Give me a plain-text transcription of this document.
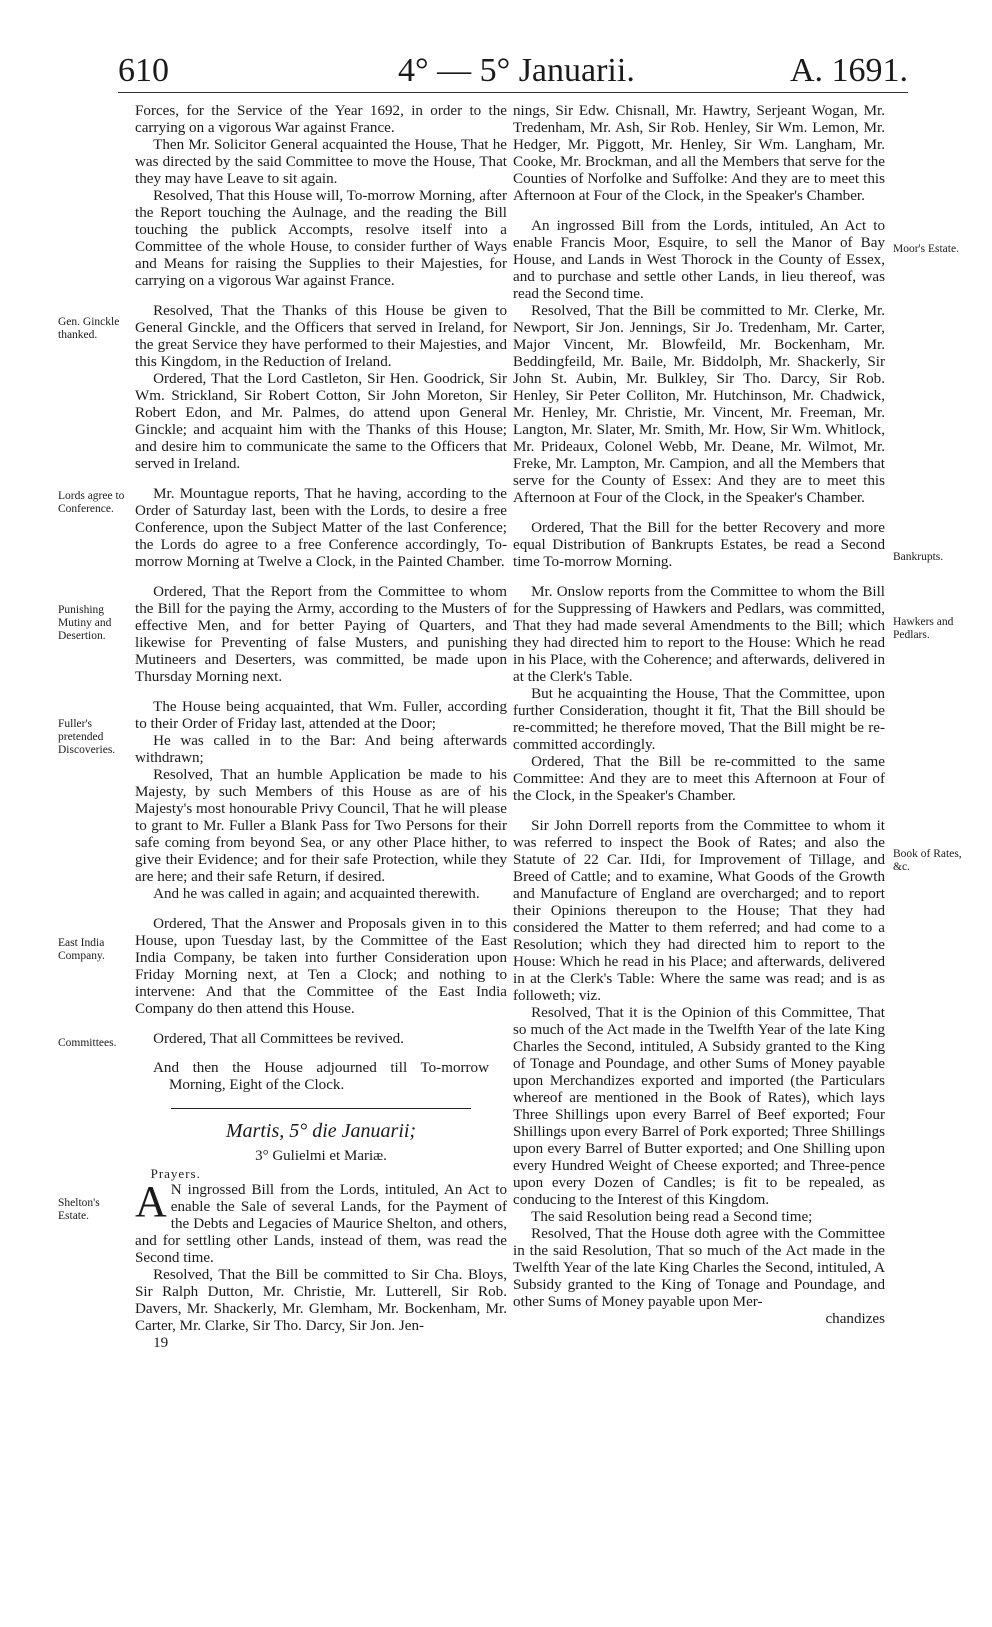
610	4° — 5° Januarii.	A. 1691.
Gen. Ginckle thanked.
Lords agree to Conference.
Punishing Mutiny and Desertion.
Fuller's pretended Discoveries.
East India Company.
Committees.
Shelton's Estate.
Moor's Estate.
Bankrupts.
Hawkers and Pedlars.
Book of Rates, &c.

Forces, for the Service of the Year 1692, in order to the carrying on a vigorous War against France.

Then Mr. Solicitor General acquainted the House, That he was directed by the said Committee to move the House, That they may have Leave to sit again.

Resolved, That this House will, To-morrow Morning, after the Report touching the Aulnage, and the reading the Bill touching the publick Accompts, resolve itself into a Committee of the whole House, to consider further of Ways and Means for raising the Supplies to their Majesties, for carrying on a vigorous War against France.

Resolved, That the Thanks of this House be given to General Ginckle, and the Officers that served in Ireland, for the great Service they have performed to their Majesties, and this Kingdom, in the Reduction of Ireland.

Ordered, That the Lord Castleton, Sir Hen. Goodrick, Sir Wm. Strickland, Sir Robert Cotton, Sir John Moreton, Sir Robert Edon, and Mr. Palmes, do attend upon General Ginckle; and acquaint him with the Thanks of this House; and desire him to communicate the same to the Officers that served in Ireland.

Mr. Mountague reports, That he having, according to the Order of Saturday last, been with the Lords, to desire a free Conference, upon the Subject Matter of the last Conference; the Lords do agree to a free Conference accordingly, To-morrow Morning at Twelve a Clock, in the Painted Chamber.

Ordered, That the Report from the Committee to whom the Bill for the paying the Army, according to the Musters of effective Men, and for better Paying of Quarters, and likewise for Preventing of false Musters, and punishing Mutineers and Deserters, was committed, be made upon Thursday Morning next.

The House being acquainted, that Wm. Fuller, according to their Order of Friday last, attended at the Door;

He was called in to the Bar: And being afterwards withdrawn;

Resolved, That an humble Application be made to his Majesty, by such Members of this House as are of his Majesty's most honourable Privy Council, That he will please to grant to Mr. Fuller a Blank Pass for Two Persons for their safe coming from beyond Sea, or any other Place hither, to give their Evidence; and for their safe Protection, while they are here; and their safe Return, if desired.

And he was called in again; and acquainted therewith.

Ordered, That the Answer and Proposals given in to this House, upon Tuesday last, by the Committee of the East India Company, be taken into further Consideration upon Friday Morning next, at Ten a Clock; and nothing to intervene: And that the Committee of the East India Company do then attend this House.

Ordered, That all Committees be revived.

And then the House adjourned till To-morrow Morning, Eight of the Clock.

Martis, 5° die Januarii;
3° Gulielmi et Mariæ.

Prayers.

A N ingrossed Bill from the Lords, intituled, An Act to enable the Sale of several Lands, for the Payment of the Debts and Legacies of Maurice Shelton, and others, and for settling other Lands, instead of them, was read the Second time.

Resolved, That the Bill be committed to Sir Cha. Bloys, Sir Ralph Dutton, Mr. Christie, Mr. Lutterell, Sir Rob. Davers, Mr. Shackerly, Mr. Glemham, Mr. Bockenham, Mr. Carter, Mr. Clarke, Sir Tho. Darcy, Sir Jon. Jen-

19

nings, Sir Edw. Chisnall, Mr. Hawtry, Serjeant Wogan, Mr. Tredenham, Mr. Ash, Sir Rob. Henley, Sir Wm. Lemon, Mr. Hedger, Mr. Piggott, Mr. Henley, Sir Wm. Langham, Mr. Cooke, Mr. Brockman, and all the Members that serve for the Counties of Norfolke and Suffolke: And they are to meet this Afternoon at Four of the Clock, in the Speaker's Chamber.

An ingrossed Bill from the Lords, intituled, An Act to enable Francis Moor, Esquire, to sell the Manor of Bay House, and Lands in West Thorock in the County of Essex, and to purchase and settle other Lands, in lieu thereof, was read the Second time.

Resolved, That the Bill be committed to Mr. Clerke, Mr. Newport, Sir Jon. Jennings, Sir Jo. Tredenham, Mr. Carter, Major Vincent, Mr. Blowfeild, Mr. Bockenham, Mr. Beddingfeild, Mr. Baile, Mr. Biddolph, Mr. Shackerly, Sir John St. Aubin, Mr. Bulkley, Sir Tho. Darcy, Sir Rob. Henley, Sir Peter Colliton, Mr. Hutchinson, Mr. Chadwick, Mr. Henley, Mr. Christie, Mr. Vincent, Mr. Freeman, Mr. Langton, Mr. Slater, Mr. Smith, Mr. How, Sir Wm. Whitlock, Mr. Prideaux, Colonel Webb, Mr. Deane, Mr. Wilmot, Mr. Freke, Mr. Lampton, Mr. Campion, and all the Members that serve for the County of Essex: And they are to meet this Afternoon at Four of the Clock, in the Speaker's Chamber.

Ordered, That the Bill for the better Recovery and more equal Distribution of Bankrupts Estates, be read a Second time To-morrow Morning.

Mr. Onslow reports from the Committee to whom the Bill for the Suppressing of Hawkers and Pedlars, was committed, That they had made several Amendments to the Bill; which they had directed him to report to the House: Which he read in his Place, with the Coherence; and afterwards, delivered in at the Clerk's Table.

But he acquainting the House, That the Committee, upon further Consideration, thought it fit, That the Bill should be re-committed; he therefore moved, That the Bill might be re-committed accordingly.

Ordered, That the Bill be re-committed to the same Committee: And they are to meet this Afternoon at Four of the Clock, in the Speaker's Chamber.

Sir John Dorrell reports from the Committee to whom it was referred to inspect the Book of Rates; and also the Statute of 22 Car. IIdi, for Improvement of Tillage, and Breed of Cattle; and to examine, What Goods of the Growth and Manufacture of England are overcharged; and to report their Opinions thereupon to the House; That they had considered the Matter to them referred; and had come to a Resolution; which they had directed him to report to the House: Which he read in his Place; and afterwards, delivered in at the Clerk's Table: Where the same was read; and is as followeth; viz.

Resolved, That it is the Opinion of this Committee, That so much of the Act made in the Twelfth Year of the late King Charles the Second, intituled, A Subsidy granted to the King of Tonage and Poundage, and other Sums of Money payable upon Merchandizes exported and imported (the Particulars whereof are mentioned in the Book of Rates), which lays Three Shillings upon every Barrel of Beef exported; Four Shillings upon every Barrel of Pork exported; Three Shillings upon every Barrel of Butter exported; and One Shilling upon every Hundred Weight of Cheese exported; and Three-pence upon every Dozen of Candles; is fit to be repealed, as conducing to the Interest of this Kingdom.

The said Resolution being read a Second time;

Resolved, That the House doth agree with the Committee in the said Resolution, That so much of the Act made in the Twelfth Year of the late King Charles the Second, intituled, A Subsidy granted to the King of Tonage and Poundage, and other Sums of Money payable upon Mer-

chandizes
